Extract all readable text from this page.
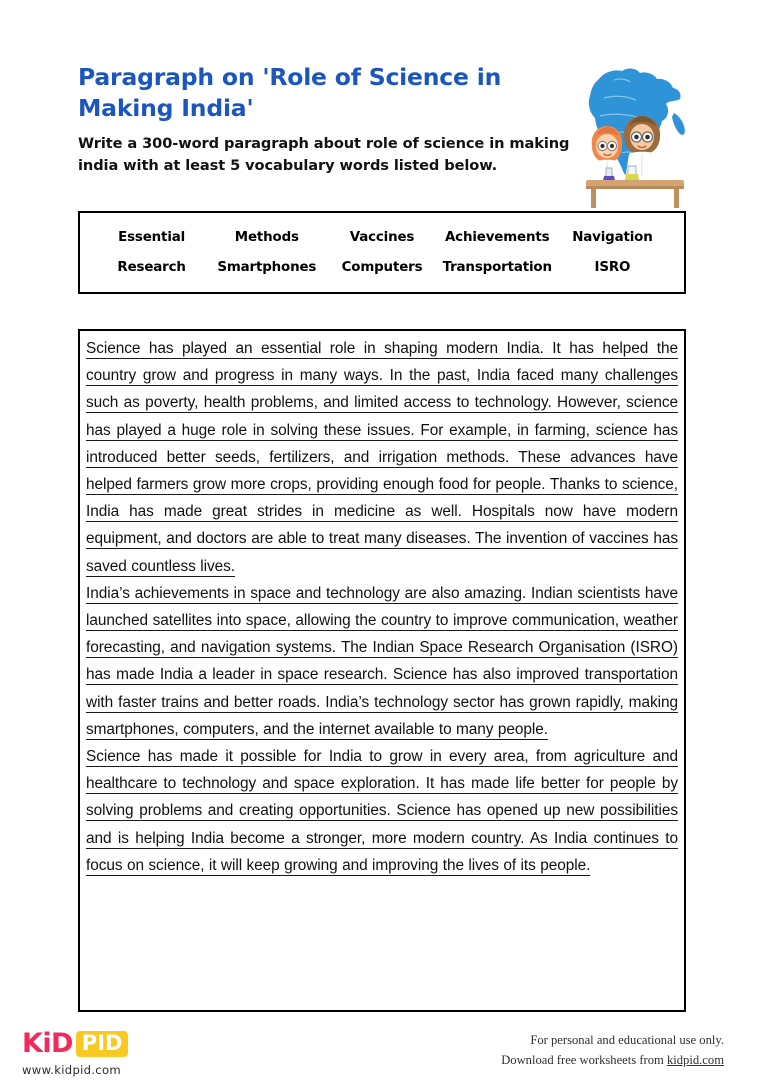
Paragraph on 'Role of Science in Making India'

Write a 300-word paragraph about role of science in making india with at least 5 vocabulary words listed below.

Essential	Methods	Vaccines	Achievements	Navigation
Research	Smartphones	Computers	Transportation	ISRO

Science has played an essential role in shaping modern India. It has helped the country grow and progress in many ways. In the past, India faced many challenges such as poverty, health problems, and limited access to technology. However, science has played a huge role in solving these issues. For example, in farming, science has introduced better seeds, fertilizers, and irrigation methods. These advances have helped farmers grow more crops, providing enough food for people. Thanks to science, India has made great strides in medicine as well. Hospitals now have modern equipment, and doctors are able to treat many diseases. The invention of vaccines has saved countless lives.

India’s achievements in space and technology are also amazing. Indian scientists have launched satellites into space, allowing the country to improve communication, weather forecasting, and navigation systems. The Indian Space Research Organisation (ISRO) has made India a leader in space research. Science has also improved transportation with faster trains and better roads. India’s technology sector has grown rapidly, making smartphones, computers, and the internet available to many people.

Science has made it possible for India to grow in every area, from agriculture and healthcare to technology and space exploration. It has made life better for people by solving problems and creating opportunities. Science has opened up new possibilities and is helping India become a stronger, more modern country. As India continues to focus on science, it will keep growing and improving the lives of its people.

KiD PID
www.kidpid.com
For personal and educational use only.
Download free worksheets from kidpid.com
